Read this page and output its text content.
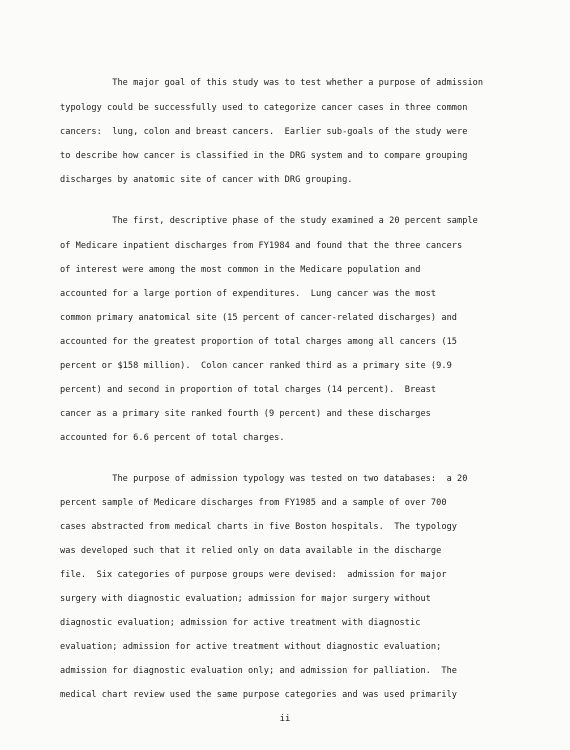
The major goal of this study was to test whether a purpose of admission
typology could be successfully used to categorize cancer cases in three common
cancers:  lung, colon and breast cancers.  Earlier sub-goals of the study were
to describe how cancer is classified in the DRG system and to compare grouping
discharges by anatomic site of cancer with DRG grouping.
The first, descriptive phase of the study examined a 20 percent sample
of Medicare inpatient discharges from FY1984 and found that the three cancers
of interest were among the most common in the Medicare population and
accounted for a large portion of expenditures.  Lung cancer was the most
common primary anatomical site (15 percent of cancer-related discharges) and
accounted for the greatest proportion of total charges among all cancers (15
percent or $158 million).  Colon cancer ranked third as a primary site (9.9
percent) and second in proportion of total charges (14 percent).  Breast
cancer as a primary site ranked fourth (9 percent) and these discharges
accounted for 6.6 percent of total charges.
The purpose of admission typology was tested on two databases:  a 20
percent sample of Medicare discharges from FY1985 and a sample of over 700
cases abstracted from medical charts in five Boston hospitals.  The typology
was developed such that it relied only on data available in the discharge
file.  Six categories of purpose groups were devised:  admission for major
surgery with diagnostic evaluation; admission for major surgery without
diagnostic evaluation; admission for active treatment with diagnostic
evaluation; admission for active treatment without diagnostic evaluation;
admission for diagnostic evaluation only; and admission for palliation.  The
medical chart review used the same purpose categories and was used primarily
ii
